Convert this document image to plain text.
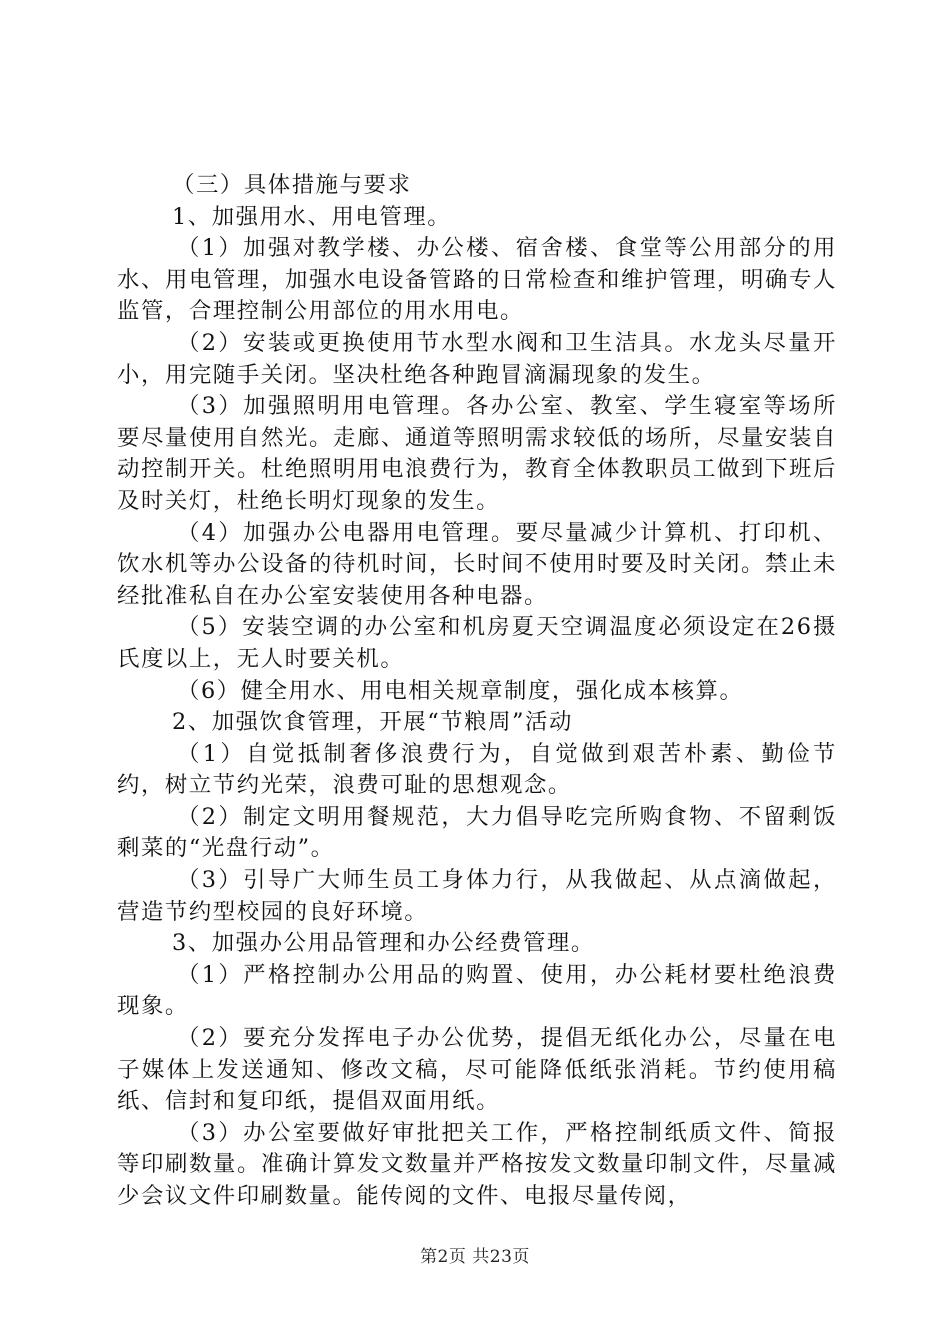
（三）具体措施与要求

1、加强用水、用电管理。

（1）加强对教学楼、办公楼、宿舍楼、食堂等公用部分的用水、用电管理，加强水电设备管路的日常检查和维护管理，明确专人监管，合理控制公用部位的用水用电。

（2）安装或更换使用节水型水阀和卫生洁具。水龙头尽量开小，用完随手关闭。坚决杜绝各种跑冒滴漏现象的发生。

（3）加强照明用电管理。各办公室、教室、学生寝室等场所要尽量使用自然光。走廊、通道等照明需求较低的场所，尽量安装自动控制开关。杜绝照明用电浪费行为，教育全体教职员工做到下班后及时关灯，杜绝长明灯现象的发生。

（4）加强办公电器用电管理。要尽量减少计算机、打印机、饮水机等办公设备的待机时间，长时间不使用时要及时关闭。禁止未经批准私自在办公室安装使用各种电器。

（5）安装空调的办公室和机房夏天空调温度必须设定在26摄氏度以上，无人时要关机。

（6）健全用水、用电相关规章制度，强化成本核算。

2、加强饮食管理，开展“节粮周”活动

（1）自觉抵制奢侈浪费行为，自觉做到艰苦朴素、勤俭节约，树立节约光荣，浪费可耻的思想观念。

（2）制定文明用餐规范，大力倡导吃完所购食物、不留剩饭剩菜的“光盘行动”。

（3）引导广大师生员工身体力行，从我做起、从点滴做起，营造节约型校园的良好环境。

3、加强办公用品管理和办公经费管理。

（1）严格控制办公用品的购置、使用，办公耗材要杜绝浪费现象。

（2）要充分发挥电子办公优势，提倡无纸化办公，尽量在电子媒体上发送通知、修改文稿，尽可能降低纸张消耗。节约使用稿纸、信封和复印纸，提倡双面用纸。

（3）办公室要做好审批把关工作，严格控制纸质文件、简报等印刷数量。准确计算发文数量并严格按发文数量印制文件，尽量减少会议文件印刷数量。能传阅的文件、电报尽量传阅，

第2页 共23页
